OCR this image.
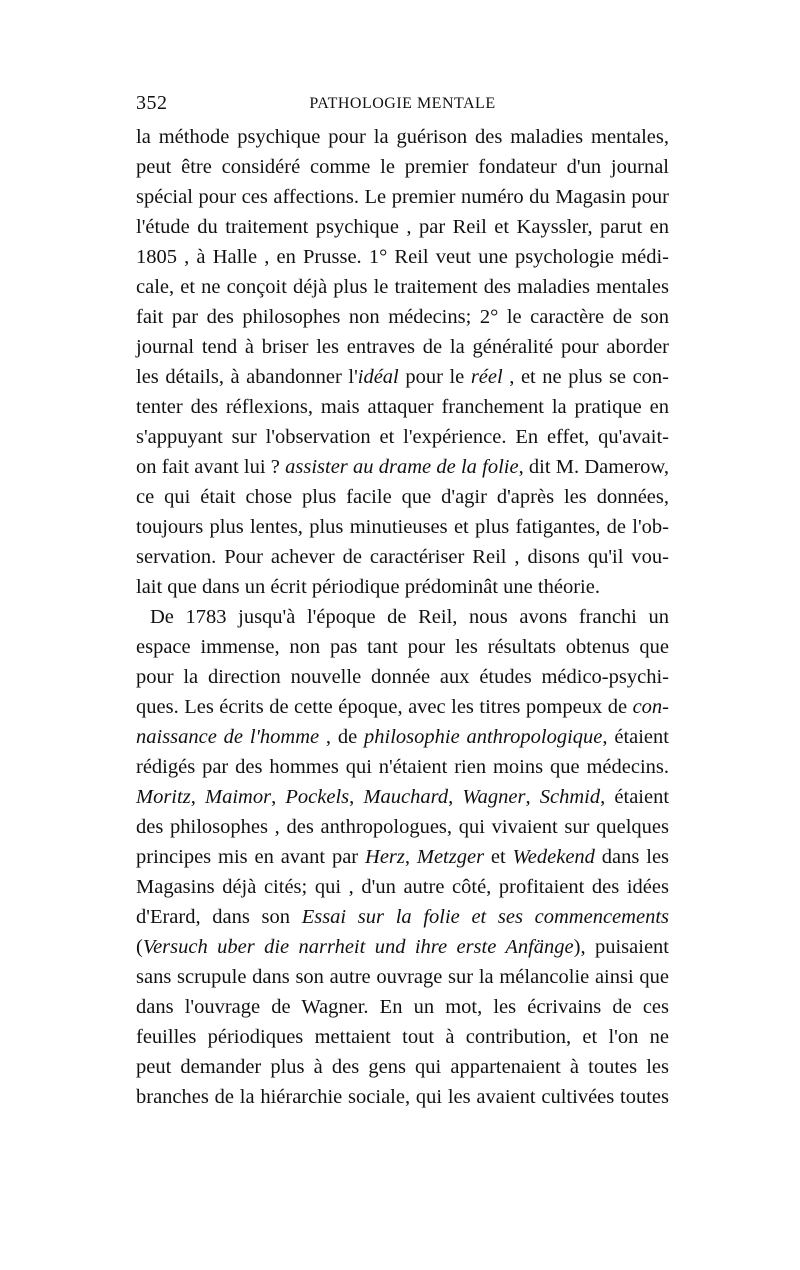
352	PATHOLOGIE MENTALE
la méthode psychique pour la guérison des maladies mentales,
peut être considéré comme le premier fondateur d'un journal
spécial pour ces affections. Le premier numéro du Magasin pour
l'étude du traitement psychique , par Reil et Kayssler, parut en
1805 , à Halle , en Prusse. 1° Reil veut une psychologie médi-
cale, et ne conçoit déjà plus le traitement des maladies mentales
fait par des philosophes non médecins; 2° le caractère de son
journal tend à briser les entraves de la généralité pour aborder
les détails, à abandonner l'idéal pour le réel , et ne plus se con-
tenter des réflexions, mais attaquer franchement la pratique en
s'appuyant sur l'observation et l'expérience. En effet, qu'avait-
on fait avant lui ? assister au drame de la folie, dit M. Damerow,
ce qui était chose plus facile que d'agir d'après les données,
toujours plus lentes, plus minutieuses et plus fatigantes, de l'ob-
servation. Pour achever de caractériser Reil , disons qu'il vou-
lait que dans un écrit périodique prédominât une théorie.
De 1783 jusqu'à l'époque de Reil, nous avons franchi un
espace immense, non pas tant pour les résultats obtenus que
pour la direction nouvelle donnée aux études médico-psychi-
ques. Les écrits de cette époque, avec les titres pompeux de con-
naissance de l'homme , de philosophie anthropologique, étaient
rédigés par des hommes qui n'étaient rien moins que médecins.
Moritz, Maimor, Pockels, Mauchard, Wagner, Schmid, étaient
des philosophes , des anthropologues, qui vivaient sur quelques
principes mis en avant par Herz, Metzger et Wedekend dans les
Magasins déjà cités; qui , d'un autre côté, profitaient des idées
d'Erard, dans son Essai sur la folie et ses commencements
(Versuch uber die narrheit und ihre erste Anfänge), puisaient
sans scrupule dans son autre ouvrage sur la mélancolie ainsi que
dans l'ouvrage de Wagner. En un mot, les écrivains de ces
feuilles périodiques mettaient tout à contribution, et l'on ne
peut demander plus à des gens qui appartenaient à toutes les
branches de la hiérarchie sociale, qui les avaient cultivées toutes
